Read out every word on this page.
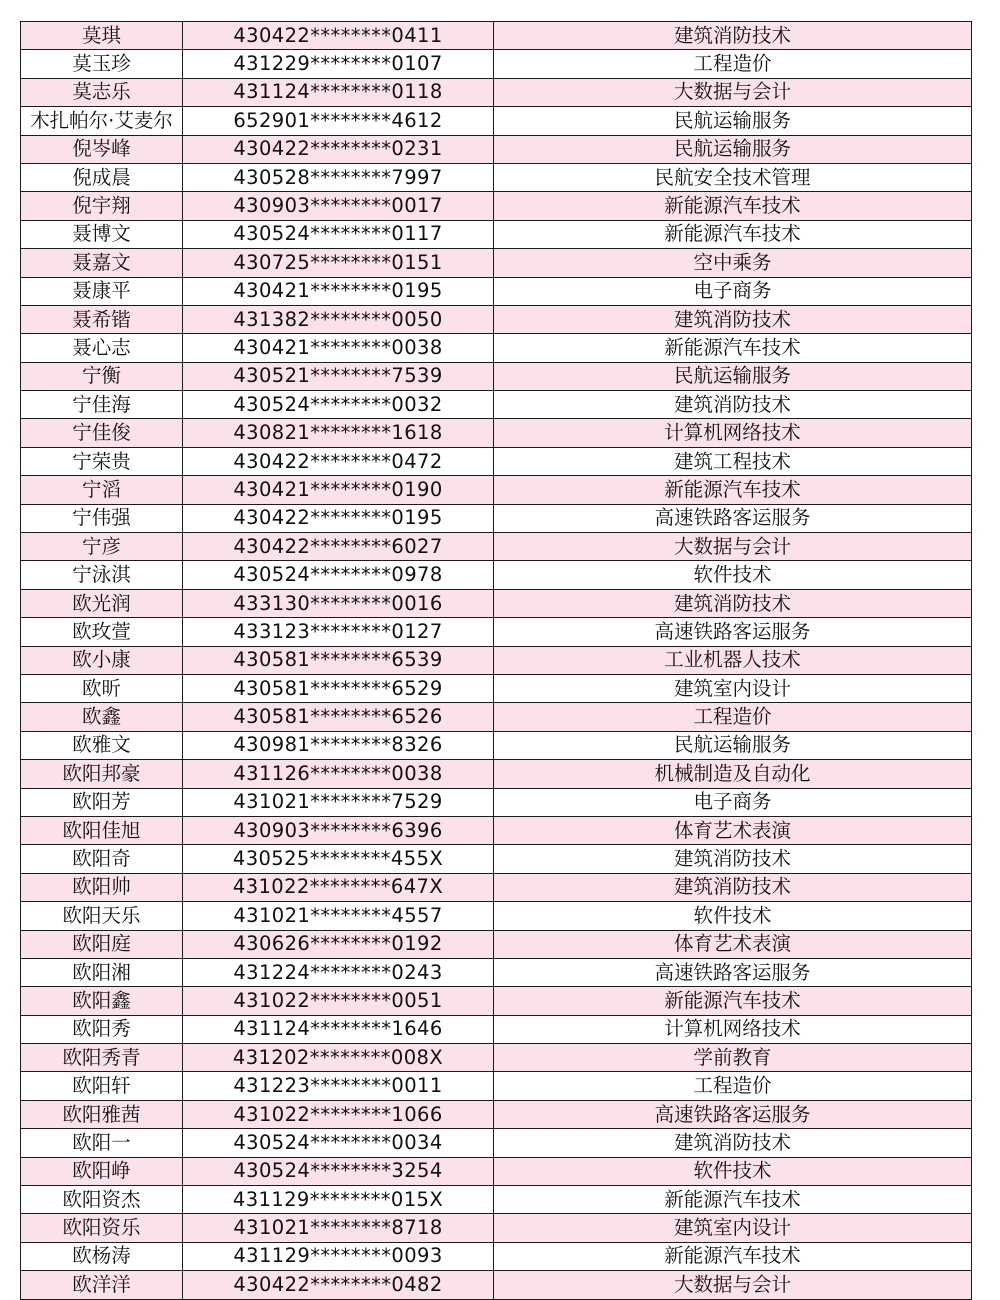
莫琪	430422********0411	建筑消防技术
莫玉珍	431229********0107	工程造价
莫志乐	431124********0118	大数据与会计
木扎帕尔·艾麦尔	652901********4612	民航运输服务
倪岑峰	430422********0231	民航运输服务
倪成晨	430528********7997	民航安全技术管理
倪宇翔	430903********0017	新能源汽车技术
聂博文	430524********0117	新能源汽车技术
聂嘉文	430725********0151	空中乘务
聂康平	430421********0195	电子商务
聂希锴	431382********0050	建筑消防技术
聂心志	430421********0038	新能源汽车技术
宁衡	430521********7539	民航运输服务
宁佳海	430524********0032	建筑消防技术
宁佳俊	430821********1618	计算机网络技术
宁荣贵	430422********0472	建筑工程技术
宁滔	430421********0190	新能源汽车技术
宁伟强	430422********0195	高速铁路客运服务
宁彦	430422********6027	大数据与会计
宁泳淇	430524********0978	软件技术
欧光润	433130********0016	建筑消防技术
欧玫萱	433123********0127	高速铁路客运服务
欧小康	430581********6539	工业机器人技术
欧昕	430581********6529	建筑室内设计
欧鑫	430581********6526	工程造价
欧雅文	430981********8326	民航运输服务
欧阳邦豪	431126********0038	机械制造及自动化
欧阳芳	431021********7529	电子商务
欧阳佳旭	430903********6396	体育艺术表演
欧阳奇	430525********455X	建筑消防技术
欧阳帅	431022********647X	建筑消防技术
欧阳天乐	431021********4557	软件技术
欧阳庭	430626********0192	体育艺术表演
欧阳湘	431224********0243	高速铁路客运服务
欧阳鑫	431022********0051	新能源汽车技术
欧阳秀	431124********1646	计算机网络技术
欧阳秀青	431202********008X	学前教育
欧阳轩	431223********0011	工程造价
欧阳雅茜	431022********1066	高速铁路客运服务
欧阳一	430524********0034	建筑消防技术
欧阳峥	430524********3254	软件技术
欧阳资杰	431129********015X	新能源汽车技术
欧阳资乐	431021********8718	建筑室内设计
欧杨涛	431129********0093	新能源汽车技术
欧洋洋	430422********0482	大数据与会计
